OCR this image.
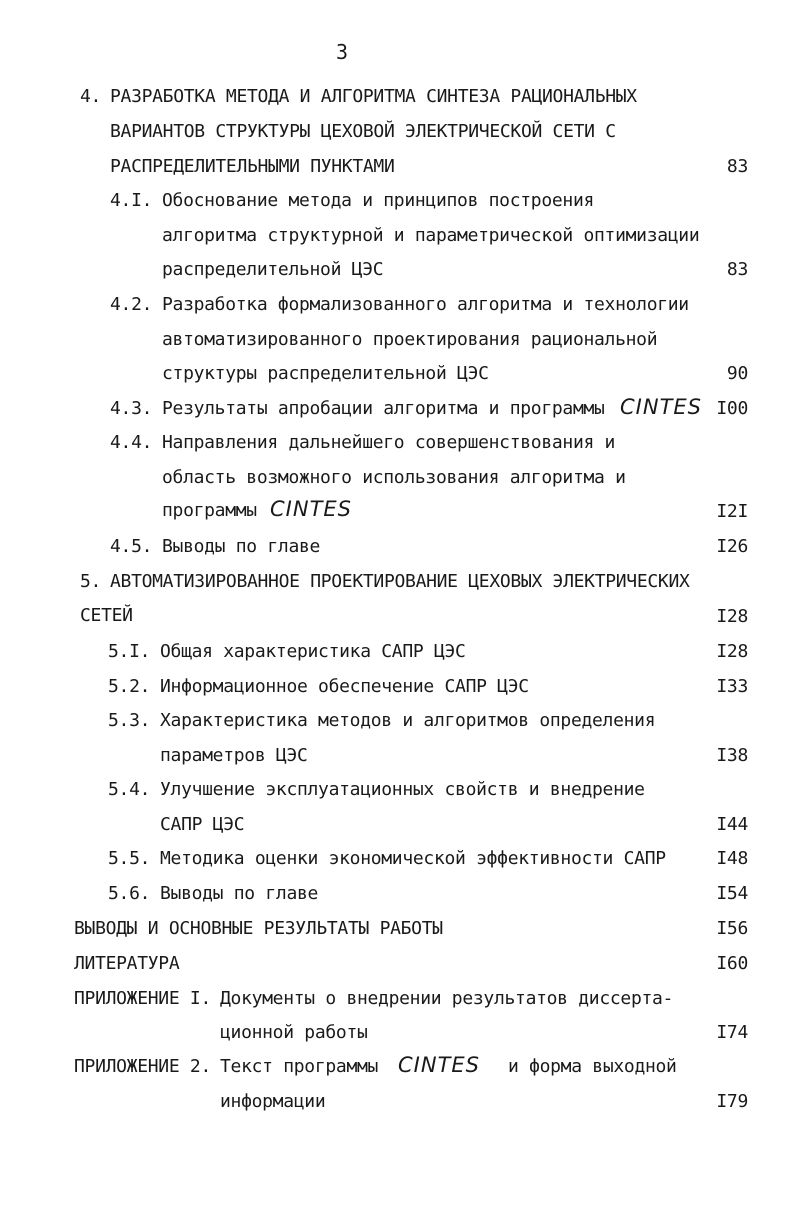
3
4. РАЗРАБОТКА МЕТОДА И АЛГОРИТМА СИНТЕЗА РАЦИОНАЛЬНЫХ
ВАРИАНТОВ СТРУКТУРЫ ЦЕХОВОЙ ЭЛЕКТРИЧЕСКОЙ СЕТИ С
РАСПРЕДЕЛИТЕЛЬНЫМИ ПУНКТАМИ	83
4.I. Обоснование метода и принципов построения
алгоритма структурной и параметрической оптимизации
распределительной ЦЭС	83
4.2. Разработка формализованного алгоритма и технологии
автоматизированного проектирования рациональной
структуры распределительной ЦЭС	90
4.3. Результаты апробации алгоритма и программы CINTES I00
4.4. Направления дальнейшего совершенствования и
область возможного использования алгоритма и
программы CINTES	I2I
4.5. Выводы по главе	I26
5. АВТОМАТИЗИРОВАННОЕ ПРОЕКТИРОВАНИЕ ЦЕХОВЫХ ЭЛЕКТРИЧЕСКИХ
СЕТЕЙ	I28
5.I. Общая характеристика САПР ЦЭС	I28
5.2. Информационное обеспечение САПР ЦЭС	I33
5.3. Характеристика методов и алгоритмов определения
параметров ЦЭС	I38
5.4. Улучшение эксплуатационных свойств и внедрение
САПР ЦЭС	I44
5.5. Методика оценки экономической эффективности САПР	I48
5.6. Выводы по главе	I54
ВЫВОДЫ И ОСНОВНЫЕ РЕЗУЛЬТАТЫ РАБОТЫ	I56
ЛИТЕРАТУРА	I60
ПРИЛОЖЕНИЕ I. Документы о внедрении результатов диссерта-
ционной работы	I74
ПРИЛОЖЕНИЕ 2. Текст программы CINTES и форма выходной
информации	I79
